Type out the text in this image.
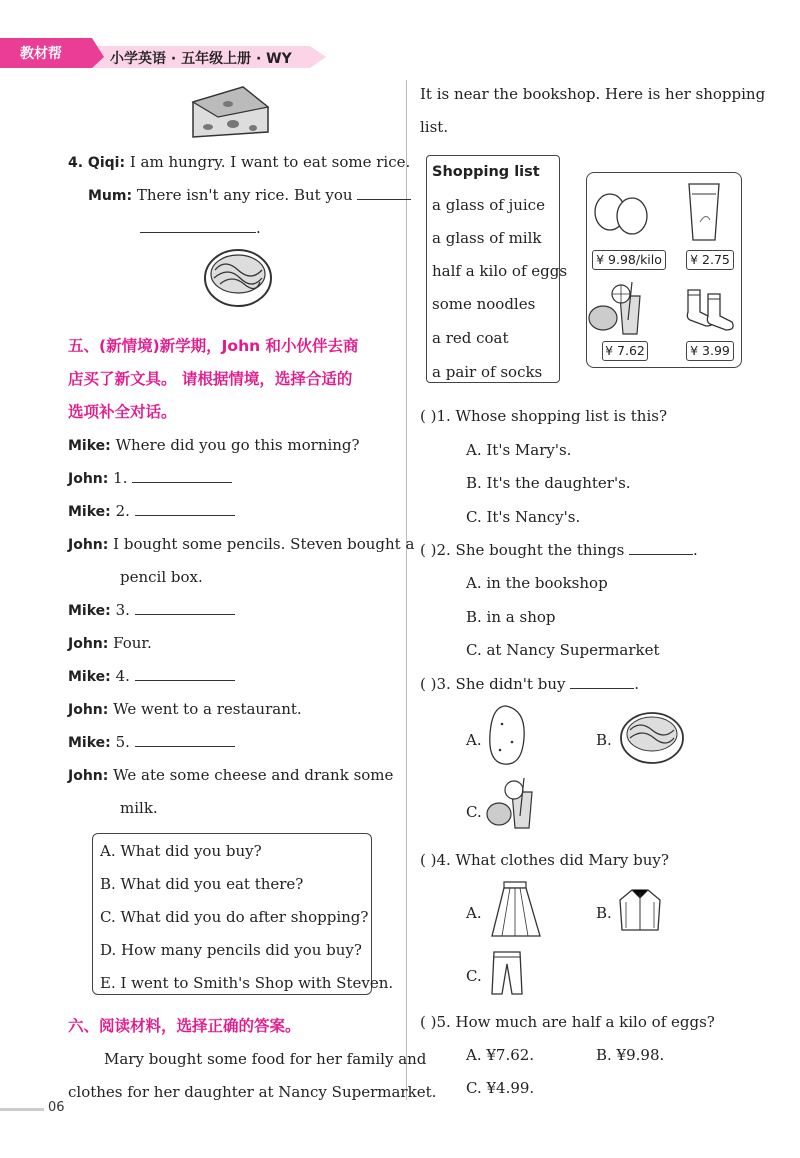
教材帮	小学英语 · 五年级上册 · WY
4. Qiqi: I am hungry. I want to eat some rice.
Mum: There isn't any rice. But you
.
五、(新情境)新学期，John 和小伙伴去商
店买了新文具。 请根据情境，选择合适的
选项补全对话。
Mike: Where did you go this morning?
John: 1.
Mike: 2.
John: I bought some pencils. Steven bought a
pencil box.
Mike: 3.
John: Four.
Mike: 4.
John: We went to a restaurant.
Mike: 5.
John: We ate some cheese and drank some
milk.
A. What did you buy?
B. What did you eat there?
C. What did you do after shopping?
D. How many pencils did you buy?
E. I went to Smith's Shop with Steven.
六、阅读材料，选择正确的答案。
Mary bought some food for her family and
clothes for her daughter at Nancy Supermarket.
06
It is near the bookshop. Here is her shopping
list.
Shopping list
a glass of juice
a glass of milk
half a kilo of eggs
some noodles
a red coat
a pair of socks
¥ 9.98/kilo	¥ 2.75
¥ 7.62	¥ 3.99
( )1. Whose shopping list is this?
A. It's Mary's.
B. It's the daughter's.
C. It's Nancy's.
( )2. She bought the things	.
A. in the bookshop
B. in a shop
C. at Nancy Supermarket
( )3. She didn't buy	.
A.	B.
C.
( )4. What clothes did Mary buy?
A.	B.
C.
( )5. How much are half a kilo of eggs?
A. ¥7.62.	B. ¥9.98.
C. ¥4.99.
